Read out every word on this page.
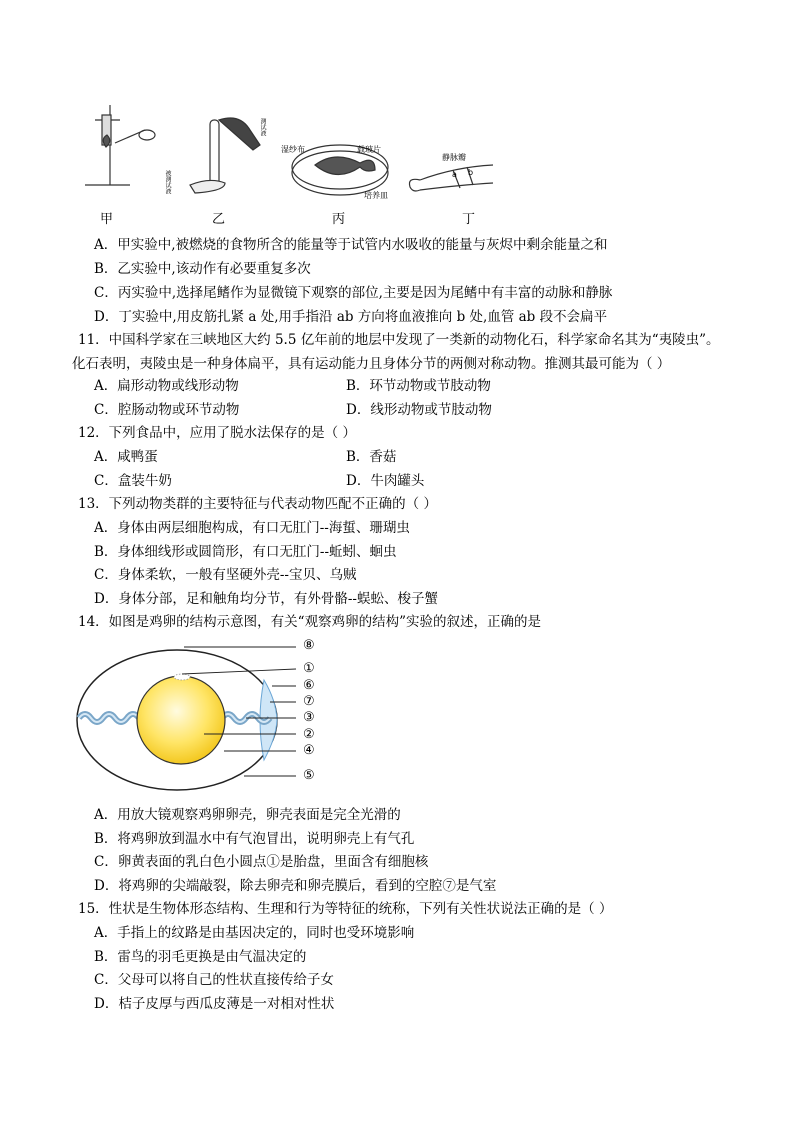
测试液
被测试液
湿纱布	载玻片
培养皿
静脉瓣
a b
甲	乙	丙	丁
A．甲实验中,被燃烧的食物所含的能量等于试管内水吸收的能量与灰烬中剩余能量之和
B．乙实验中,该动作有必要重复多次
C．丙实验中,选择尾鳍作为显微镜下观察的部位,主要是因为尾鳍中有丰富的动脉和静脉
D．丁实验中,用皮筋扎紧 a 处,用手指沿 ab 方向将血液推向 b 处,血管 ab 段不会扁平
11．中国科学家在三峡地区大约 5.5 亿年前的地层中发现了一类新的动物化石，科学家命名其为“夷陵虫”。
化石表明，夷陵虫是一种身体扁平，具有运动能力且身体分节的两侧对称动物。推测其最可能为（ ）
A．扁形动物或线形动物	B．环节动物或节肢动物
C．腔肠动物或环节动物	D．线形动物或节肢动物
12．下列食品中，应用了脱水法保存的是（ ）
A．咸鸭蛋	B．香菇
C．盒装牛奶	D．牛肉罐头
13．下列动物类群的主要特征与代表动物匹配不正确的（ ）
A．身体由两层细胞构成，有口无肛门--海蜇、珊瑚虫
B．身体细线形或圆筒形，有口无肛门--蚯蚓、蛔虫
C．身体柔软，一般有坚硬外壳--宝贝、乌贼
D．身体分部，足和触角均分节，有外骨骼--蜈蚣、梭子蟹
14．如图是鸡卵的结构示意图，有关“观察鸡卵的结构”实验的叙述，正确的是
⑧
①
⑥
⑦
③
②
④
⑤
A．用放大镜观察鸡卵卵壳，卵壳表面是完全光滑的
B．将鸡卵放到温水中有气泡冒出，说明卵壳上有气孔
C．卵黄表面的乳白色小圆点①是胎盘，里面含有细胞核
D．将鸡卵的尖端敲裂，除去卵壳和卵壳膜后，看到的空腔⑦是气室
15．性状是生物体形态结构、生理和行为等特征的统称，下列有关性状说法正确的是（ ）
A．手指上的纹路是由基因决定的，同时也受环境影响
B．雷鸟的羽毛更换是由气温决定的
C．父母可以将自己的性状直接传给子女
D．桔子皮厚与西瓜皮薄是一对相对性状
